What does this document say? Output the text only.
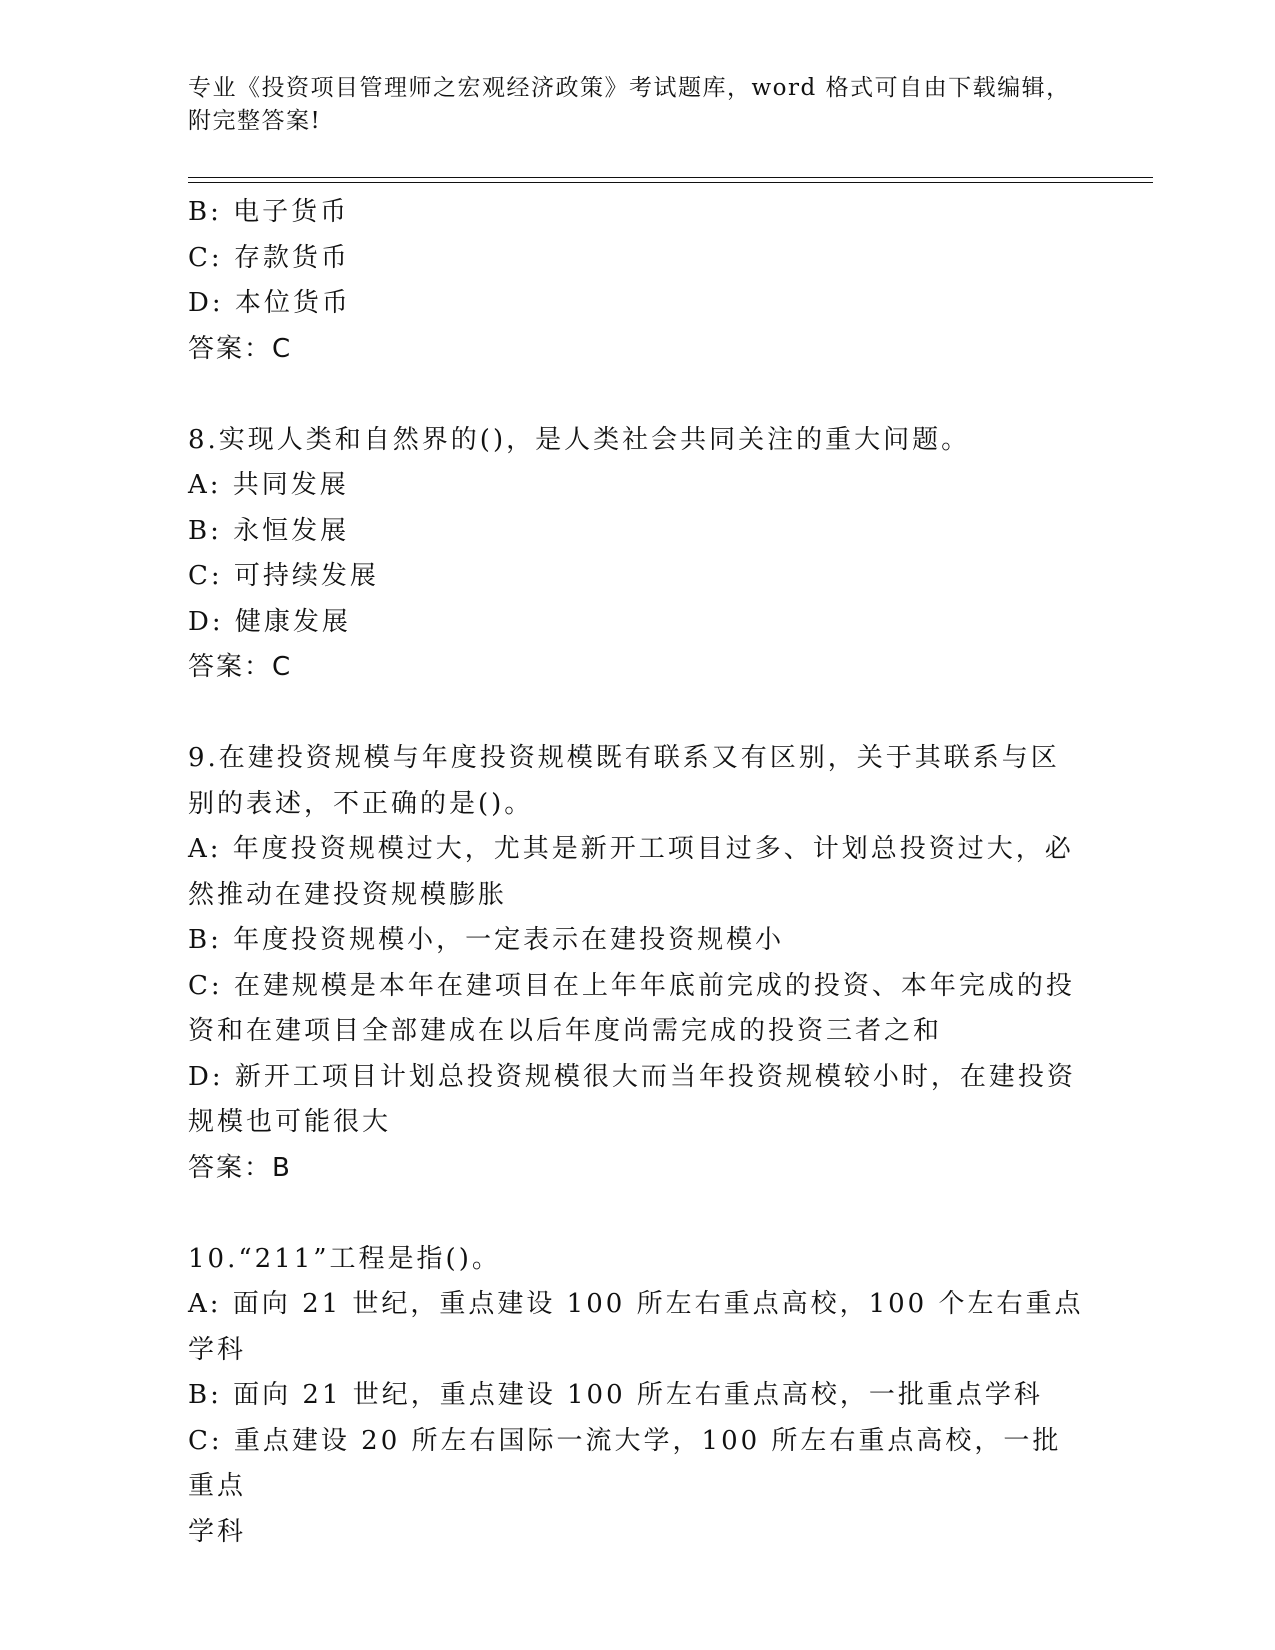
专业《投资项目管理师之宏观经济政策》考试题库，word 格式可自由下载编辑，
附完整答案!
B: 电子货币
C: 存款货币
D: 本位货币
答案：C
8.实现人类和自然界的()，是人类社会共同关注的重大问题。
A: 共同发展
B: 永恒发展
C: 可持续发展
D: 健康发展
答案：C
9.在建投资规模与年度投资规模既有联系又有区别，关于其联系与区
别的表述，不正确的是()。
A: 年度投资规模过大，尤其是新开工项目过多、计划总投资过大，必
然推动在建投资规模膨胀
B: 年度投资规模小，一定表示在建投资规模小
C: 在建规模是本年在建项目在上年年底前完成的投资、本年完成的投
资和在建项目全部建成在以后年度尚需完成的投资三者之和
D: 新开工项目计划总投资规模很大而当年投资规模较小时，在建投资
规模也可能很大
答案：B
10.“211”工程是指()。
A: 面向 21 世纪，重点建设 100 所左右重点高校，100 个左右重点学科
B: 面向 21 世纪，重点建设 100 所左右重点高校，一批重点学科
C: 重点建设 20 所左右国际一流大学，100 所左右重点高校，一批重点
学科
